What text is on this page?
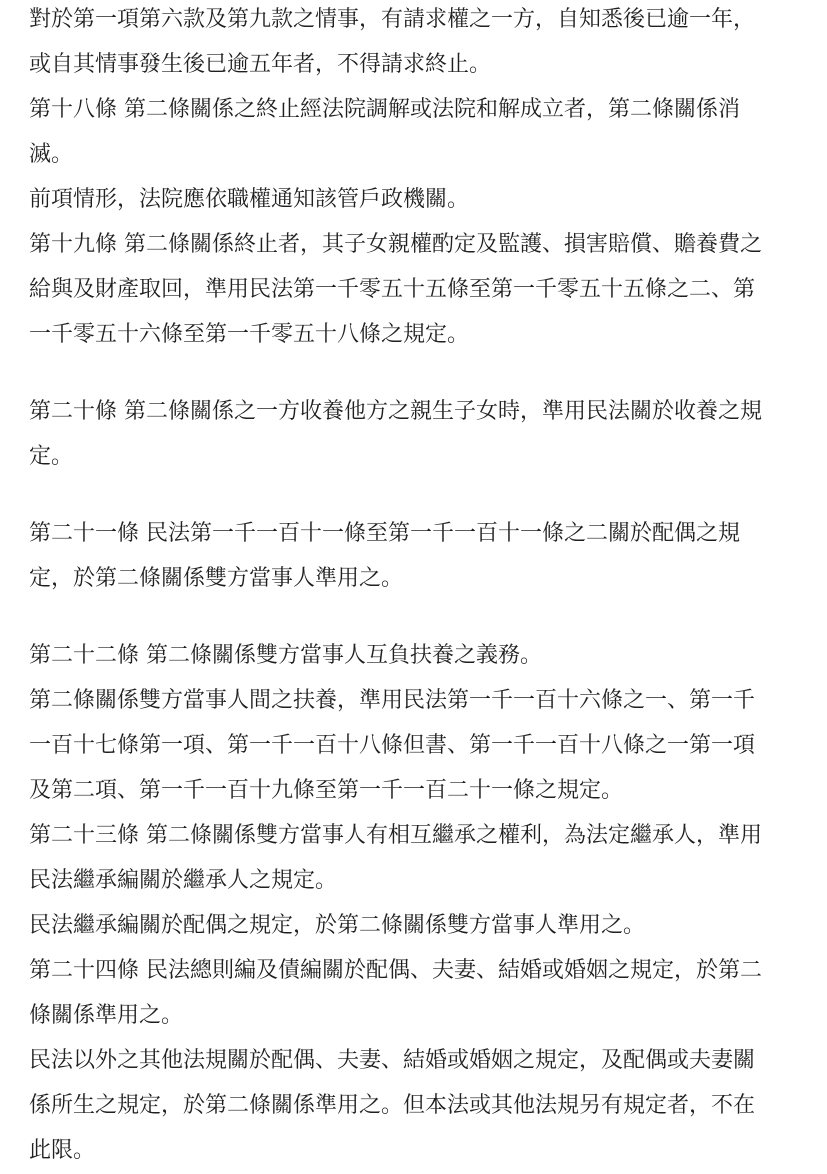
對於第一項第六款及第九款之情事，有請求權之一方，自知悉後已逾一年，
或自其情事發生後已逾五年者，不得請求終止。
第十八條 第二條關係之終止經法院調解或法院和解成立者，第二條關係消
滅。
前項情形，法院應依職權通知該管戶政機關。
第十九條 第二條關係終止者，其子女親權酌定及監護、損害賠償、贍養費之
給與及財產取回，準用民法第一千零五十五條至第一千零五十五條之二、第
一千零五十六條至第一千零五十八條之規定。
第二十條 第二條關係之一方收養他方之親生子女時，準用民法關於收養之規
定。
第二十一條 民法第一千一百十一條至第一千一百十一條之二關於配偶之規
定，於第二條關係雙方當事人準用之。
第二十二條 第二條關係雙方當事人互負扶養之義務。
第二條關係雙方當事人間之扶養，準用民法第一千一百十六條之一、第一千
一百十七條第一項、第一千一百十八條但書、第一千一百十八條之一第一項
及第二項、第一千一百十九條至第一千一百二十一條之規定。
第二十三條 第二條關係雙方當事人有相互繼承之權利，為法定繼承人，準用
民法繼承編關於繼承人之規定。
民法繼承編關於配偶之規定，於第二條關係雙方當事人準用之。
第二十四條 民法總則編及債編關於配偶、夫妻、結婚或婚姻之規定，於第二
條關係準用之。
民法以外之其他法規關於配偶、夫妻、結婚或婚姻之規定，及配偶或夫妻關
係所生之規定，於第二條關係準用之。但本法或其他法規另有規定者，不在
此限。
